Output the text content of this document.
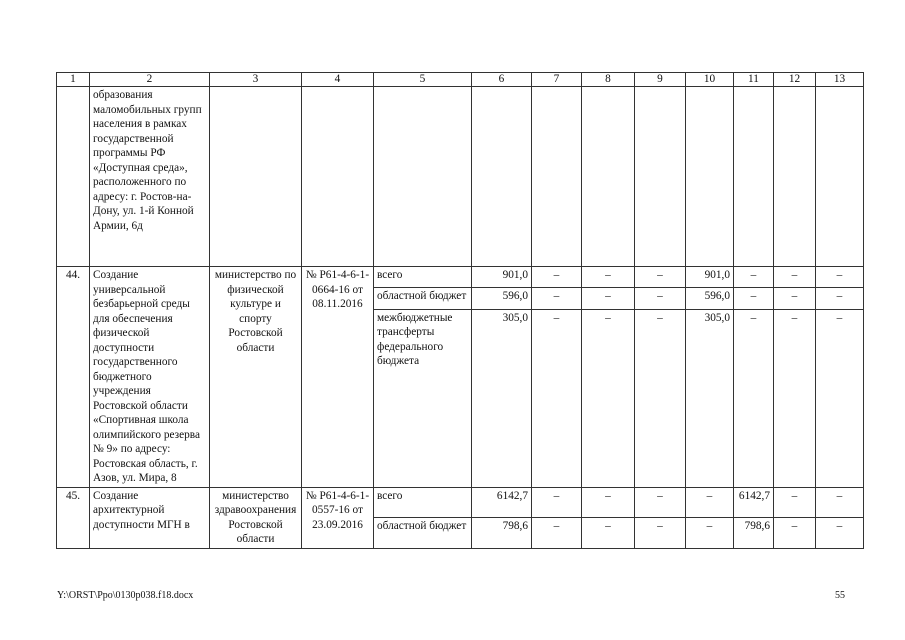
1	2	3	4	5	6	7	8	9	10	11	12	13
	образования маломобильных групп населения в рамках государственной программы РФ «Доступная среда», расположенного по адресу: г. Ростов-на-Дону, ул. 1-й Конной Армии, 6д											
44.	Создание универсальной безбарьерной среды для обеспечения физической доступности государственного бюджетного учреждения Ростовской области «Спортивная школа олимпийского резерва № 9» по адресу: Ростовская область, г. Азов, ул. Мира, 8	министерство по физической культуре и спорту Ростовской области	№ Р61-4-6-1-0664-16 от 08.11.2016	всего	901,0	–	–	–	901,0	–	–	–
				областной бюджет	596,0	–	–	–	596,0	–	–	–
				межбюджетные трансферты федерального бюджета	305,0	–	–	–	305,0	–	–	–
45.	Создание архитектурной доступности МГН в	министерство здравоохранения Ростовской области	№ Р61-4-6-1-0557-16 от 23.09.2016	всего	6142,7	–	–	–	–	6142,7	–	–
				областной бюджет	798,6	–	–	–	–	798,6	–	–
Y:\ORST\Ppo\0130p038.f18.docx	55
